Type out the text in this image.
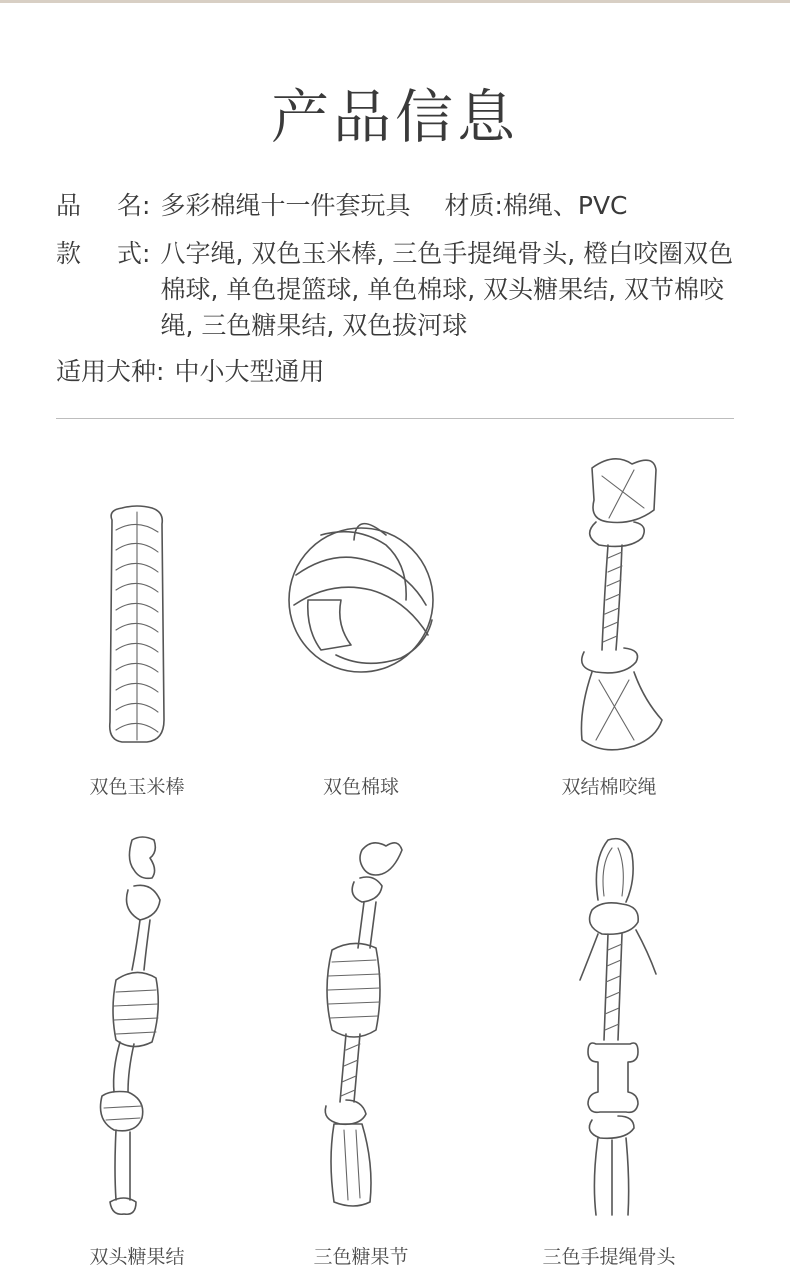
产品信息
品 名: 多彩棉绳十一件套玩具 材质:棉绳、PVC
款 式: 八字绳, 双色玉米棒, 三色手提绳骨头, 橙白咬圈双色棉球, 单色提篮球, 单色棉球, 双头糖果结, 双节棉咬绳, 三色糖果结, 双色拔河球
适用犬种: 中小大型通用
双色玉米棒	双色棉球	双结棉咬绳
双头糖果结	三色糖果节	三色手提绳骨头
